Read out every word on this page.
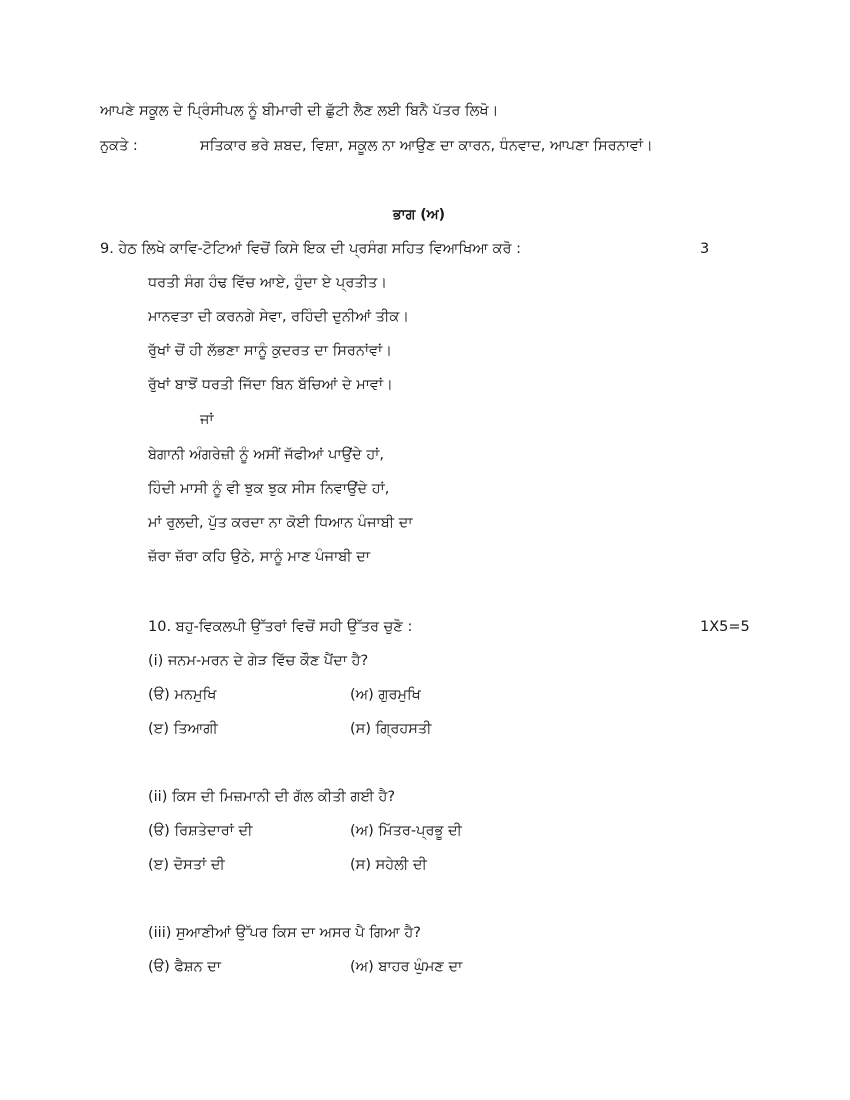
ਆਪਣੇ ਸਕੂਲ ਦੇ ਪ੍ਰਿੰਸੀਪਲ ਨੂੰ ਬੀਮਾਰੀ ਦੀ ਛੁੱਟੀ ਲੈਣ ਲਈ ਬਿਨੈ ਪੱਤਰ ਲਿਖੋ।
ਨੁਕਤੇ :	ਸਤਿਕਾਰ ਭਰੇ ਸ਼ਬਦ, ਵਿਸ਼ਾ, ਸਕੂਲ ਨਾ ਆਉਣ ਦਾ ਕਾਰਨ, ਧੰਨਵਾਦ, ਆਪਣਾ ਸਿਰਨਾਵਾਂ।
ਭਾਗ (ਅ)
9. ਹੇਠ ਲਿਖੇ ਕਾਵਿ-ਟੋਟਿਆਂ ਵਿਚੋਂ ਕਿਸੇ ਇਕ ਦੀ ਪ੍ਰਸੰਗ ਸਹਿਤ ਵਿਆਖਿਆ ਕਰੋ :	3
ਧਰਤੀ ਸੰਗ ਹੰਢ ਵਿੱਚ ਆਏ, ਹੁੰਦਾ ਏ ਪ੍ਰਤੀਤ।
ਮਾਨਵਤਾ ਦੀ ਕਰਨਗੇ ਸੇਵਾ, ਰਹਿੰਦੀ ਦੁਨੀਆਂ ਤੀਕ।
ਰੁੱਖਾਂ ਚੋਂ ਹੀ ਲੱਭਣਾ ਸਾਨੂੰ ਕੁਦਰਤ ਦਾ ਸਿਰਨਾਂਵਾਂ।
ਰੁੱਖਾਂ ਬਾਝੋਂ ਧਰਤੀ ਜਿੱਦਾ ਬਿਨ ਬੱਚਿਆਂ ਦੇ ਮਾਵਾਂ।
ਜਾਂ
ਬੇਗਾਨੀ ਅੰਗਰੇਜ਼ੀ ਨੂੰ ਅਸੀਂ ਜੱਫੀਆਂ ਪਾਉਂਦੇ ਹਾਂ,
ਹਿੰਦੀ ਮਾਸੀ ਨੂੰ ਵੀ ਝੁਕ ਝੁਕ ਸੀਸ ਨਿਵਾਉਂਦੇ ਹਾਂ,
ਮਾਂ ਰੁਲਦੀ, ਪੁੱਤ ਕਰਦਾ ਨਾ ਕੋਈ ਧਿਆਨ ਪੰਜਾਬੀ ਦਾ
ਜ਼ੱਰਾ ਜ਼ੱਰਾ ਕਹਿ ਉਠੇ, ਸਾਨੂੰ ਮਾਣ ਪੰਜਾਬੀ ਦਾ
10. ਬਹੁ-ਵਿਕਲਪੀ ਉੱਤਰਾਂ ਵਿਚੋਂ ਸਹੀ ਉੱਤਰ ਚੁਣੋ :	1X5=5
(i) ਜਨਮ-ਮਰਨ ਦੇ ਗੇੜ ਵਿੱਚ ਕੌਣ ਪੈਂਦਾ ਹੈ?
(ੳ) ਮਨਮੁਖਿ	(ਅ) ਗੁਰਮੁਖਿ
(ੲ) ਤਿਆਗੀ	(ਸ) ਗ੍ਰਿਹਸਤੀ
(ii) ਕਿਸ ਦੀ ਮਿਜ਼ਮਾਨੀ ਦੀ ਗੱਲ ਕੀਤੀ ਗਈ ਹੈ?
(ੳ) ਰਿਸ਼ਤੇਦਾਰਾਂ ਦੀ	(ਅ) ਮਿੱਤਰ-ਪ੍ਰਭੂ ਦੀ
(ੲ) ਦੋਸਤਾਂ ਦੀ	(ਸ) ਸਹੇਲੀ ਦੀ
(iii) ਸੁਆਣੀਆਂ ਉੱਪਰ ਕਿਸ ਦਾ ਅਸਰ ਪੈ ਗਿਆ ਹੈ?
(ੳ) ਫੈਸ਼ਨ ਦਾ	(ਅ) ਬਾਹਰ ਘੁੰਮਣ ਦਾ
